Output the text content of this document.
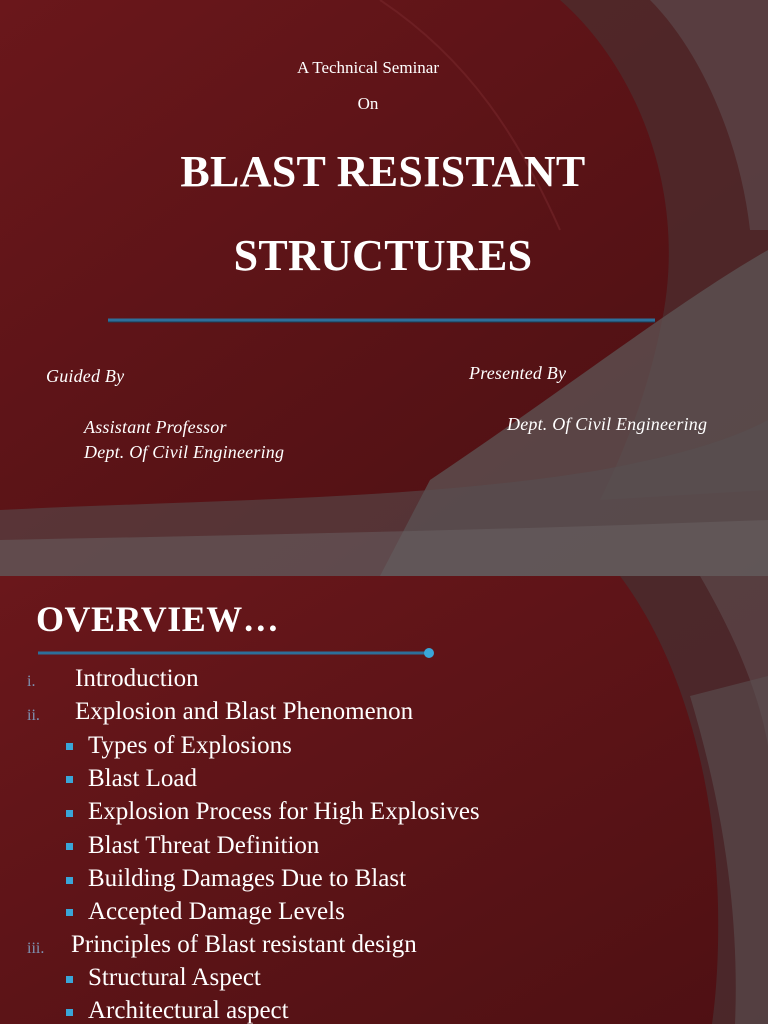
A Technical Seminar
On
BLAST RESISTANT
STRUCTURES
Guided By
Assistant Professor
Dept. Of Civil Engineering
Presented By
Dept. Of Civil Engineering
OVERVIEW…
i. Introduction
ii. Explosion and Blast Phenomenon
Types of Explosions
Blast Load
Explosion Process for High Explosives
Blast Threat Definition
Building Damages Due to Blast
Accepted Damage Levels
iii. Principles of Blast resistant design
Structural Aspect
Architectural aspect
